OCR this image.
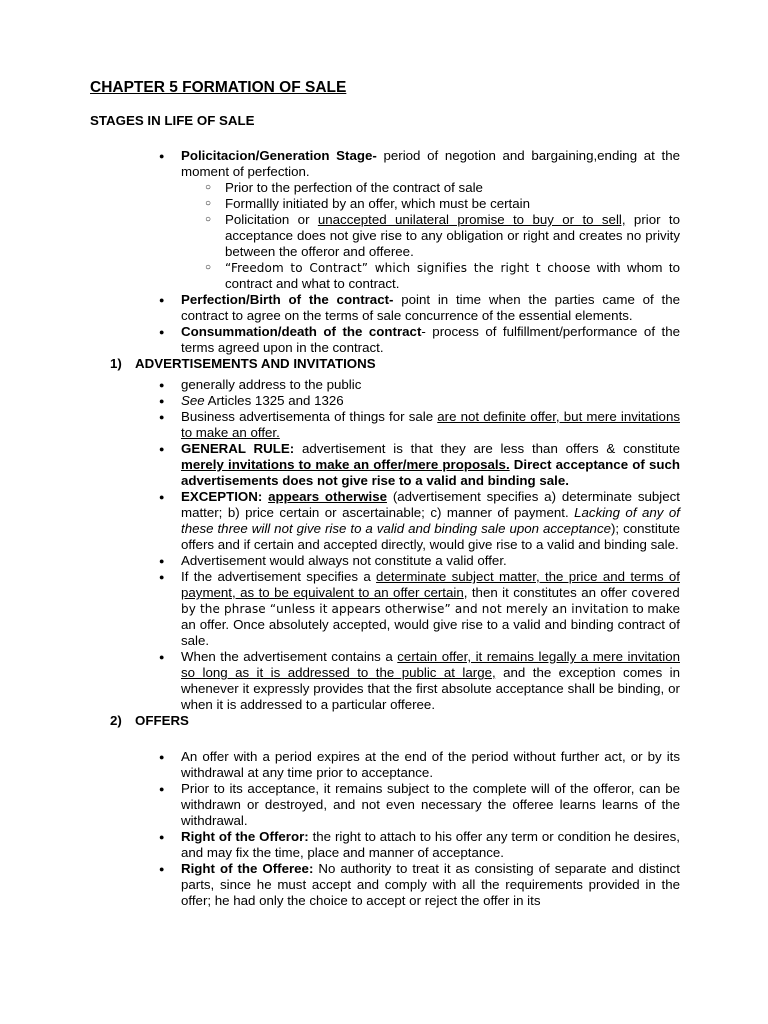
CHAPTER 5 FORMATION OF SALE
STAGES IN LIFE OF SALE
● Policitacion/Generation Stage- period of negotion and bargaining,ending at the moment of perfection.
○ Prior to the perfection of the contract of sale
○ Formallly initiated by an offer, which must be certain
○ Policitation or unaccepted unilateral promise to buy or to sell, prior to acceptance does not give rise to any obligation or right and creates no privity between the offeror and offeree.
○ “Freedom to Contract” which signifies the right t choose with whom to contract and what to contract.
● Perfection/Birth of the contract- point in time when the parties came of the contract to agree on the terms of sale concurrence of the essential elements.
● Consummation/death of the contract- process of fulfillment/performance of the terms agreed upon in the contract.
1) ADVERTISEMENTS AND INVITATIONS
● generally address to the public
● See Articles 1325 and 1326
● Business advertisementa of things for sale are not definite offer, but mere invitations to make an offer.
● GENERAL RULE: advertisement is that they are less than offers & constitute merely invitations to make an offer/mere proposals. Direct acceptance of such advertisements does not give rise to a valid and binding sale.
● EXCEPTION: appears otherwise (advertisement specifies a) determinate subject matter; b) price certain or ascertainable; c) manner of payment. Lacking of any of these three will not give rise to a valid and binding sale upon acceptance); constitute offers and if certain and accepted directly, would give rise to a valid and binding sale.
● Advertisement would always not constitute a valid offer.
● If the advertisement specifies a determinate subject matter, the price and terms of payment, as to be equivalent to an offer certain, then it constitutes an offer covered by the phrase “unless it appears otherwise” and not merely an invitation to make an offer. Once absolutely accepted, would give rise to a valid and binding contract of sale.
● When the advertisement contains a certain offer, it remains legally a mere invitation so long as it is addressed to the public at large, and the exception comes in whenever it expressly provides that the first absolute acceptance shall be binding, or when it is addressed to a particular offeree.
2) OFFERS
● An offer with a period expires at the end of the period without further act, or by its withdrawal at any time prior to acceptance.
● Prior to its acceptance, it remains subject to the complete will of the offeror, can be withdrawn or destroyed, and not even necessary the offeree learns learns of the withdrawal.
● Right of the Offeror: the right to attach to his offer any term or condition he desires, and may fix the time, place and manner of acceptance.
● Right of the Offeree: No authority to treat it as consisting of separate and distinct parts, since he must accept and comply with all the requirements provided in the offer; he had only the choice to accept or reject the offer in its
